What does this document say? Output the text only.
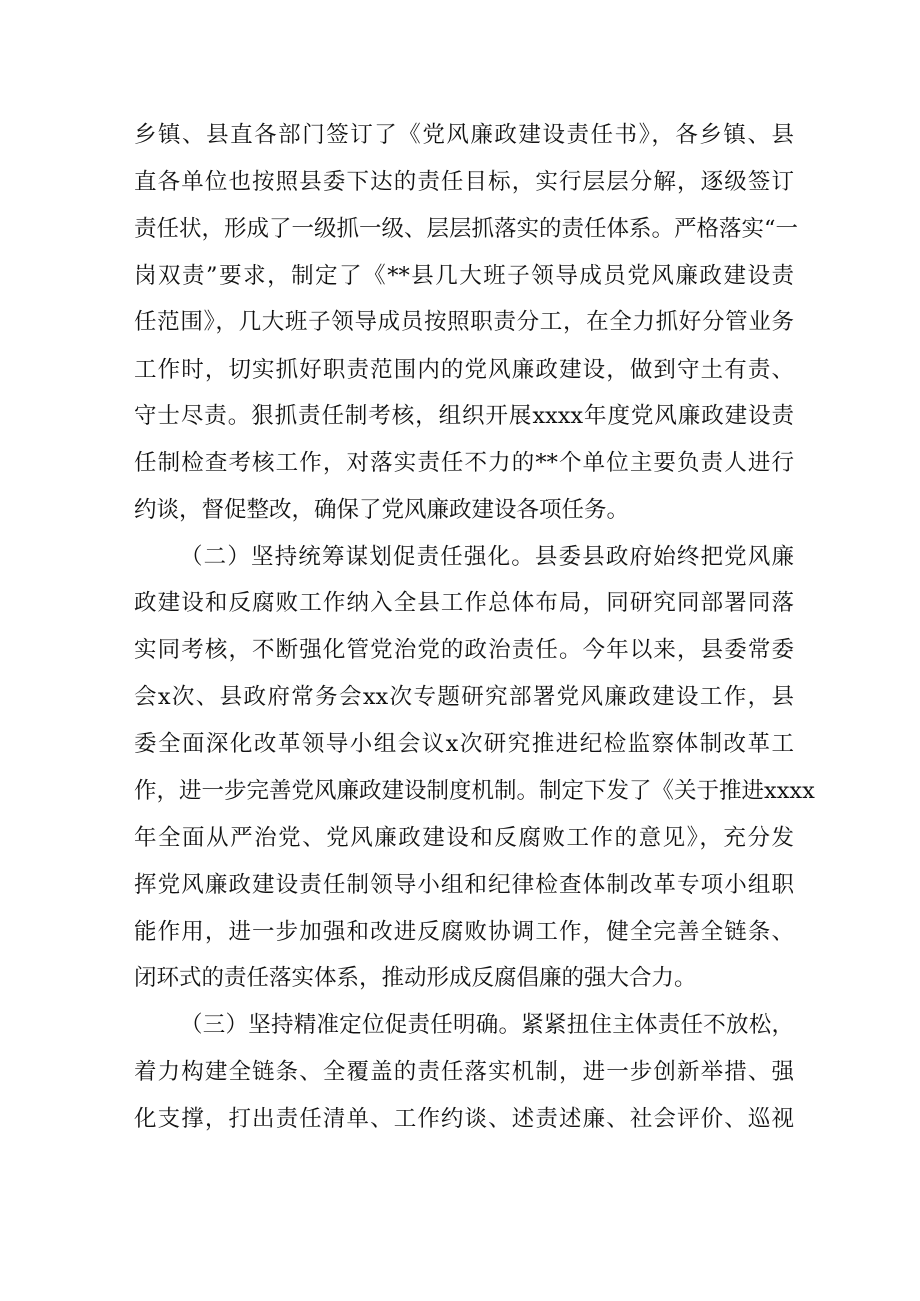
乡镇、县直各部门签订了《党风廉政建设责任书》，各乡镇、县
直各单位也按照县委下达的责任目标，实行层层分解，逐级签订
责任状，形成了一级抓一级、层层抓落实的责任体系。严格落实“一
岗双责”要求，制定了《**县几大班子领导成员党风廉政建设责
任范围》，几大班子领导成员按照职责分工，在全力抓好分管业务
工作时，切实抓好职责范围内的党风廉政建设，做到守土有责、
守士尽责。狠抓责任制考核，组织开展xxxx年度党风廉政建设责
任制检查考核工作，对落实责任不力的**个单位主要负责人进行
约谈，督促整改，确保了党风廉政建设各项任务。
（二）坚持统筹谋划促责任强化。县委县政府始终把党风廉
政建设和反腐败工作纳入全县工作总体布局，同研究同部署同落
实同考核，不断强化管党治党的政治责任。今年以来，县委常委
会x次、县政府常务会xx次专题研究部署党风廉政建设工作，县
委全面深化改革领导小组会议x次研究推进纪检监察体制改革工
作，进一步完善党风廉政建设制度机制。制定下发了《关于推进xxxx
年全面从严治党、党风廉政建设和反腐败工作的意见》，充分发
挥党风廉政建设责任制领导小组和纪律检查体制改革专项小组职
能作用，进一步加强和改进反腐败协调工作，健全完善全链条、
闭环式的责任落实体系，推动形成反腐倡廉的强大合力。
（三）坚持精准定位促责任明确。紧紧扭住主体责任不放松，
着力构建全链条、全覆盖的责任落实机制，进一步创新举措、强
化支撑，打出责任清单、工作约谈、述责述廉、社会评价、巡视
